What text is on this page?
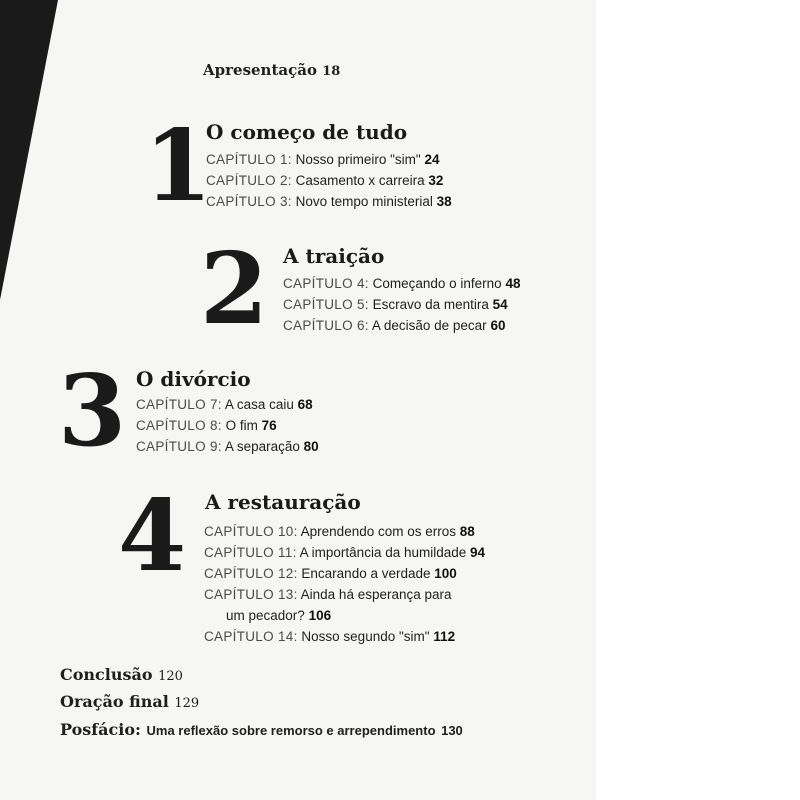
Apresentação 18
1
O começo de tudo
CAPÍTULO 1: Nosso primeiro "sim" 24
CAPÍTULO 2: Casamento x carreira 32
CAPÍTULO 3: Novo tempo ministerial 38
2 A traição
CAPÍTULO 4: Começando o inferno 48
CAPÍTULO 5: Escravo da mentira 54
CAPÍTULO 6: A decisão de pecar 60
3 O divórcio
CAPÍTULO 7: A casa caiu 68
CAPÍTULO 8: O fim 76
CAPÍTULO 9: A separação 80
4 A restauração
CAPÍTULO 10: Aprendendo com os erros 88
CAPÍTULO 11: A importância da humildade 94
CAPÍTULO 12: Encarando a verdade 100
CAPÍTULO 13: Ainda há esperança para
um pecador? 106
CAPÍTULO 14: Nosso segundo "sim" 112
Conclusão 120
Oração final 129
Posfácio: Uma reflexão sobre remorso e arrependimento 130
